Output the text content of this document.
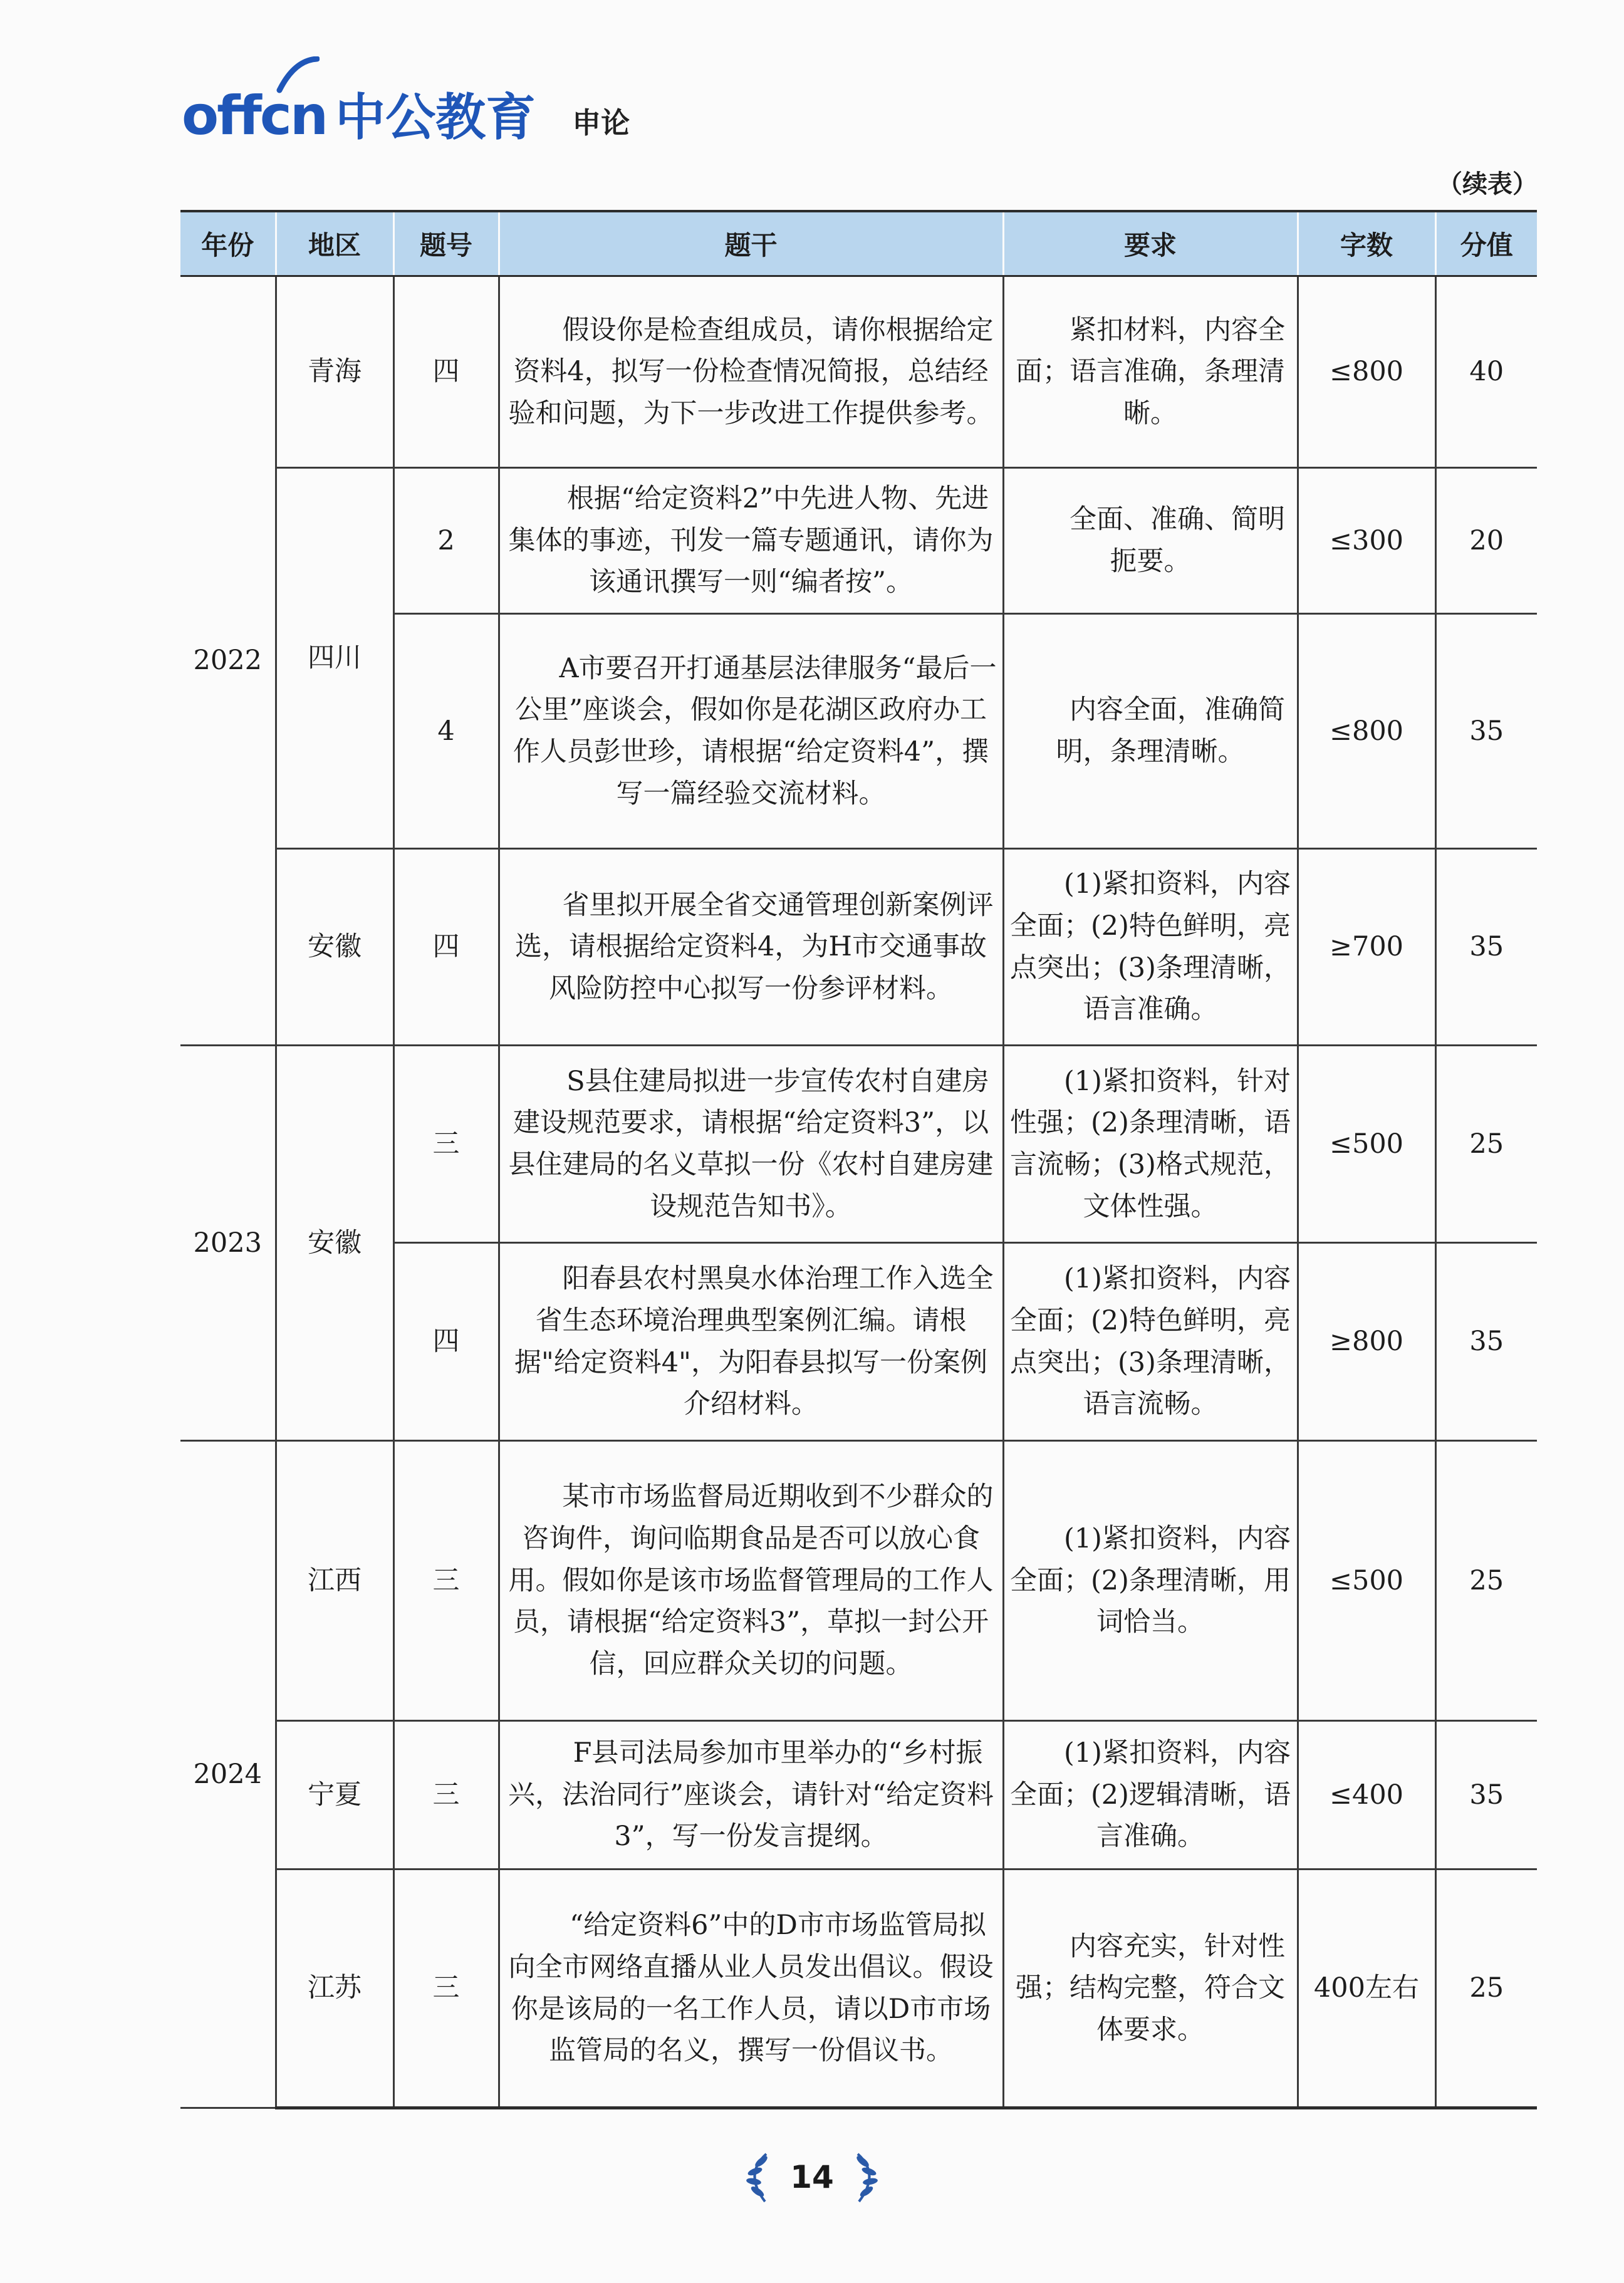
offcn 中公教育 申论
（续表）
年份	地区	题号	题干	要求	字数	分值
2022	青海	四	假设你是检查组成员，请你根据给定资料4，拟写一份检查情况简报，总结经验和问题，为下一步改进工作提供参考。	紧扣材料，内容全面；语言准确，条理清晰。	≤800	40
	四川	2	根据“给定资料2”中先进人物、先进集体的事迹，刊发一篇专题通讯，请你为该通讯撰写一则“编者按”。	全面、准确、简明扼要。	≤300	20
		4	A市要召开打通基层法律服务“最后一公里”座谈会，假如你是花湖区政府办工作人员彭世珍，请根据“给定资料4”，撰写一篇经验交流材料。	内容全面，准确简明，条理清晰。	≤800	35
	安徽	四	省里拟开展全省交通管理创新案例评选，请根据给定资料4，为H市交通事故风险防控中心拟写一份参评材料。	(1)紧扣资料，内容全面；(2)特色鲜明，亮点突出；(3)条理清晰，语言准确。	≥700	35
2023	安徽	三	S县住建局拟进一步宣传农村自建房建设规范要求，请根据“给定资料3”，以县住建局的名义草拟一份《农村自建房建设规范告知书》。	(1)紧扣资料，针对性强；(2)条理清晰，语言流畅；(3)格式规范，文体性强。	≤500	25
		四	阳春县农村黑臭水体治理工作入选全省生态环境治理典型案例汇编。请根据"给定资料4"，为阳春县拟写一份案例介绍材料。	(1)紧扣资料，内容全面；(2)特色鲜明，亮点突出；(3)条理清晰，语言流畅。	≥800	35
2024	江西	三	某市市场监督局近期收到不少群众的咨询件，询问临期食品是否可以放心食用。假如你是该市场监督管理局的工作人员，请根据“给定资料3”，草拟一封公开信，回应群众关切的问题。	(1)紧扣资料，内容全面；(2)条理清晰，用词恰当。	≤500	25
	宁夏	三	F县司法局参加市里举办的“乡村振兴，法治同行”座谈会，请针对“给定资料3”，写一份发言提纲。	(1)紧扣资料，内容全面；(2)逻辑清晰，语言准确。	≤400	35
	江苏	三	“给定资料6”中的D市市场监管局拟向全市网络直播从业人员发出倡议。假设你是该局的一名工作人员，请以D市市场监管局的名义，撰写一份倡议书。	内容充实，针对性强；结构完整，符合文体要求。	400左右	25
14
